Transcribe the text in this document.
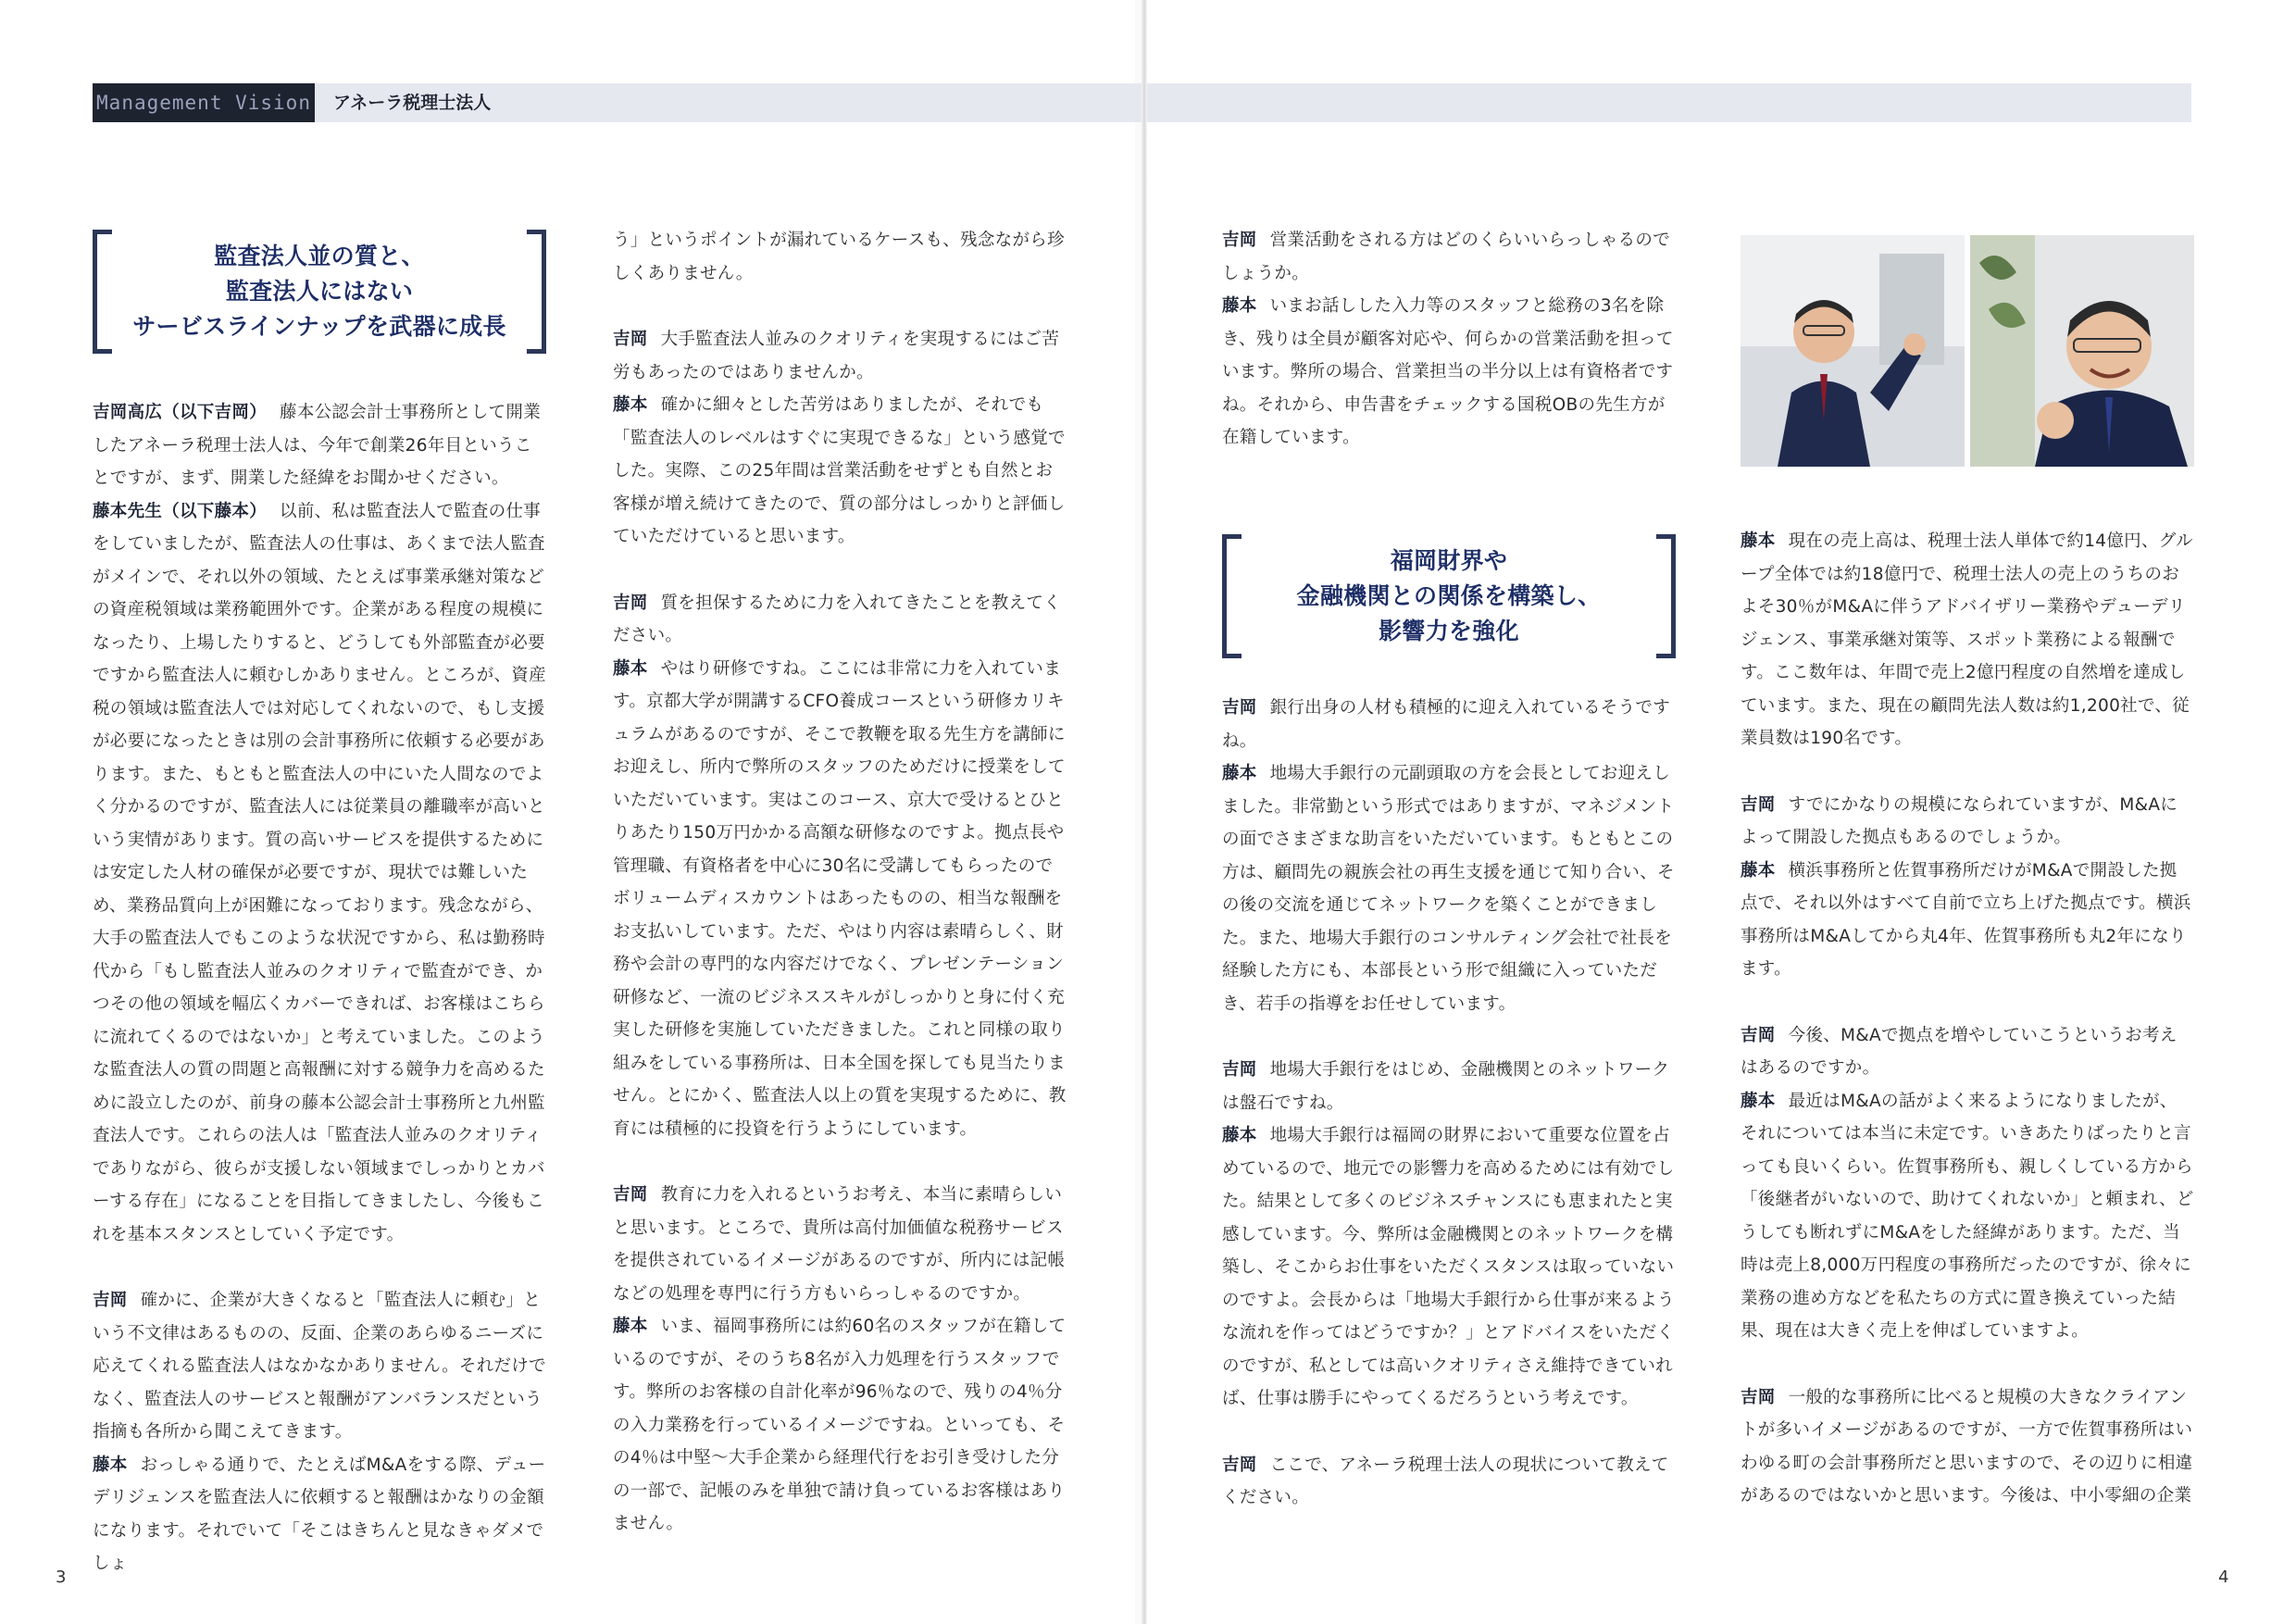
Management Vision アネーラ税理士法人
監査法人並の質と、
監査法人にはない
サービスラインナップを武器に成長

吉岡高広（以下吉岡） 藤本公認会計士事務所として開業したアネーラ税理士法人は、今年で創業26年目ということですが、まず、開業した経緯をお聞かせください。

藤本先生（以下藤本） 以前、私は監査法人で監査の仕事をしていましたが、監査法人の仕事は、あくまで法人監査がメインで、それ以外の領域、たとえば事業承継対策などの資産税領域は業務範囲外です。企業がある程度の規模になったり、上場したりすると、どうしても外部監査が必要ですから監査法人に頼むしかありません。ところが、資産税の領域は監査法人では対応してくれないので、もし支援が必要になったときは別の会計事務所に依頼する必要があります。また、もともと監査法人の中にいた人間なのでよく分かるのですが、監査法人には従業員の離職率が高いという実情があります。質の高いサービスを提供するためには安定した人材の確保が必要ですが、現状では難しいため、業務品質向上が困難になっております。残念ながら、大手の監査法人でもこのような状況ですから、私は勤務時代から「もし監査法人並みのクオリティで監査ができ、かつその他の領域を幅広くカバーできれば、お客様はこちらに流れてくるのではないか」と考えていました。このような監査法人の質の問題と高報酬に対する競争力を高めるために設立したのが、前身の藤本公認会計士事務所と九州監査法人です。これらの法人は「監査法人並みのクオリティでありながら、彼らが支援しない領域までしっかりとカバーする存在」になることを目指してきましたし、今後もこれを基本スタンスとしていく予定です。

吉岡 確かに、企業が大きくなると「監査法人に頼む」という不文律はあるものの、反面、企業のあらゆるニーズに応えてくれる監査法人はなかなかありません。それだけでなく、監査法人のサービスと報酬がアンバランスだという指摘も各所から聞こえてきます。

藤本 おっしゃる通りで、たとえばM&Aをする際、デューデリジェンスを監査法人に依頼すると報酬はかなりの金額になります。それでいて「そこはきちんと見なきゃダメでしょ

う」というポイントが漏れているケースも、残念ながら珍しくありません。

吉岡 大手監査法人並みのクオリティを実現するにはご苦労もあったのではありませんか。

藤本 確かに細々とした苦労はありましたが、それでも「監査法人のレベルはすぐに実現できるな」という感覚でした。実際、この25年間は営業活動をせずとも自然とお客様が増え続けてきたので、質の部分はしっかりと評価していただけていると思います。

吉岡 質を担保するために力を入れてきたことを教えてください。

藤本 やはり研修ですね。ここには非常に力を入れています。京都大学が開講するCFO養成コースという研修カリキュラムがあるのですが、そこで教鞭を取る先生方を講師にお迎えし、所内で弊所のスタッフのためだけに授業をしていただいています。実はこのコース、京大で受けるとひとりあたり150万円かかる高額な研修なのですよ。拠点長や管理職、有資格者を中心に30名に受講してもらったのでボリュームディスカウントはあったものの、相当な報酬をお支払いしています。ただ、やはり内容は素晴らしく、財務や会計の専門的な内容だけでなく、プレゼンテーション研修など、一流のビジネススキルがしっかりと身に付く充実した研修を実施していただきました。これと同様の取り組みをしている事務所は、日本全国を探しても見当たりません。とにかく、監査法人以上の質を実現するために、教育には積極的に投資を行うようにしています。

吉岡 教育に力を入れるというお考え、本当に素晴らしいと思います。ところで、貴所は高付加価値な税務サービスを提供されているイメージがあるのですが、所内には記帳などの処理を専門に行う方もいらっしゃるのですか。

藤本 いま、福岡事務所には約60名のスタッフが在籍しているのですが、そのうち8名が入力処理を行うスタッフです。弊所のお客様の自計化率が96％なので、残りの4％分の入力業務を行っているイメージですね。といっても、その4％は中堅～大手企業から経理代行をお引き受けした分の一部で、記帳のみを単独で請け負っているお客様はありません。

吉岡 営業活動をされる方はどのくらいいらっしゃるのでしょうか。

藤本 いまお話しした入力等のスタッフと総務の3名を除き、残りは全員が顧客対応や、何らかの営業活動を担っています。弊所の場合、営業担当の半分以上は有資格者ですね。それから、申告書をチェックする国税OBの先生方が在籍しています。

福岡財界や
金融機関との関係を構築し、
影響力を強化

吉岡 銀行出身の人材も積極的に迎え入れているそうですね。

藤本 地場大手銀行の元副頭取の方を会長としてお迎えしました。非常勤という形式ではありますが、マネジメントの面でさまざまな助言をいただいています。もともとこの方は、顧問先の親族会社の再生支援を通じて知り合い、その後の交流を通じてネットワークを築くことができました。また、地場大手銀行のコンサルティング会社で社長を経験した方にも、本部長という形で組織に入っていただき、若手の指導をお任せしています。

吉岡 地場大手銀行をはじめ、金融機関とのネットワークは盤石ですね。

藤本 地場大手銀行は福岡の財界において重要な位置を占めているので、地元での影響力を高めるためには有効でした。結果として多くのビジネスチャンスにも恵まれたと実感しています。今、弊所は金融機関とのネットワークを構築し、そこからお仕事をいただくスタンスは取っていないのですよ。会長からは「地場大手銀行から仕事が来るような流れを作ってはどうですか？」とアドバイスをいただくのですが、私としては高いクオリティさえ維持できていれば、仕事は勝手にやってくるだろうという考えです。

吉岡 ここで、アネーラ税理士法人の現状について教えてください。

藤本 現在の売上高は、税理士法人単体で約14億円、グループ全体では約18億円で、税理士法人の売上のうちのおよそ30％がM&Aに伴うアドバイザリー業務やデューデリジェンス、事業承継対策等、スポット業務による報酬です。ここ数年は、年間で売上2億円程度の自然増を達成しています。また、現在の顧問先法人数は約1,200社で、従業員数は190名です。

吉岡 すでにかなりの規模になられていますが、M&Aによって開設した拠点もあるのでしょうか。

藤本 横浜事務所と佐賀事務所だけがM&Aで開設した拠点で、それ以外はすべて自前で立ち上げた拠点です。横浜事務所はM&Aしてから丸4年、佐賀事務所も丸2年になります。

吉岡 今後、M&Aで拠点を増やしていこうというお考えはあるのですか。

藤本 最近はM&Aの話がよく来るようになりましたが、それについては本当に未定です。いきあたりばったりと言っても良いくらい。佐賀事務所も、親しくしている方から「後継者がいないので、助けてくれないか」と頼まれ、どうしても断れずにM&Aをした経緯があります。ただ、当時は売上8,000万円程度の事務所だったのですが、徐々に業務の進め方などを私たちの方式に置き換えていった結果、現在は大きく売上を伸ばしていますよ。

吉岡 一般的な事務所に比べると規模の大きなクライアントが多いイメージがあるのですが、一方で佐賀事務所はいわゆる町の会計事務所だと思いますので、その辺りに相違があるのではないかと思います。今後は、中小零細の企業

3	4
